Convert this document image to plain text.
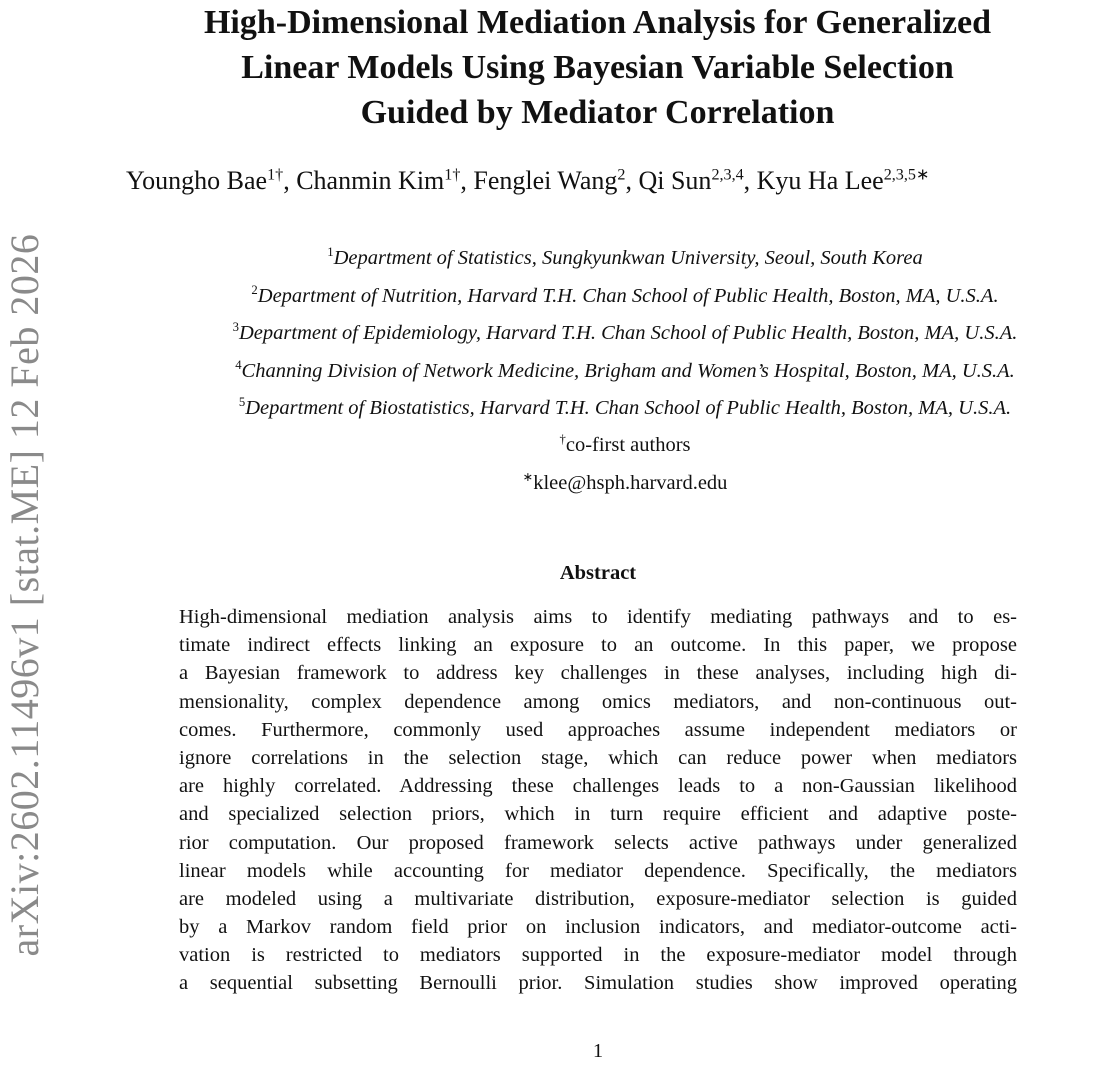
arXiv:2602.11496v1 [stat.ME] 12 Feb 2026
High-Dimensional Mediation Analysis for Generalized
Linear Models Using Bayesian Variable Selection
Guided by Mediator Correlation
Youngho Bae$^{1\dagger}$, Chanmin Kim$^{1\dagger}$, Fenglei Wang$^2$, Qi Sun$^{2,3,4}$, Kyu Ha Lee$^{2,3,5∗}$
$^1$Department of Statistics, Sungkyunkwan University, Seoul, South Korea
$^2$Department of Nutrition, Harvard T.H. Chan School of Public Health, Boston, MA, U.S.A.
$^3$Department of Epidemiology, Harvard T.H. Chan School of Public Health, Boston, MA, U.S.A.
$^4$Channing Division of Network Medicine, Brigham and Women’s Hospital, Boston, MA, U.S.A.
$^5$Department of Biostatistics, Harvard T.H. Chan School of Public Health, Boston, MA, U.S.A.
†co-first authors
∗klee@hsph.harvard.edu
Abstract
High-dimensional mediation analysis aims to identify mediating pathways and to es-
timate indirect effects linking an exposure to an outcome. In this paper, we propose
a Bayesian framework to address key challenges in these analyses, including high di-
mensionality, complex dependence among omics mediators, and non-continuous out-
comes. Furthermore, commonly used approaches assume independent mediators or
ignore correlations in the selection stage, which can reduce power when mediators
are highly correlated. Addressing these challenges leads to a non-Gaussian likelihood
and specialized selection priors, which in turn require efficient and adaptive poste-
rior computation. Our proposed framework selects active pathways under generalized
linear models while accounting for mediator dependence. Specifically, the mediators
are modeled using a multivariate distribution, exposure-mediator selection is guided
by a Markov random field prior on inclusion indicators, and mediator-outcome acti-
vation is restricted to mediators supported in the exposure-mediator model through
a sequential subsetting Bernoulli prior. Simulation studies show improved operating
1
